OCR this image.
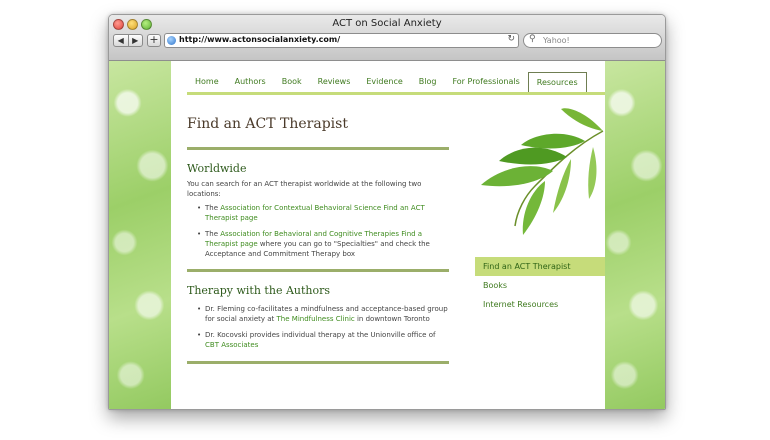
ACT on Social Anxiety
◀	▶	+	http://www.actonsocialanxiety.com/	↻ ⚲ Yahoo!
Home	Authors	Book	Reviews	Evidence	Blog	For Professionals	Resources
Find an ACT Therapist
Worldwide
You can search for an ACT therapist worldwide at the following two locations:
• The Association for Contextual Behavioral Science Find an ACT Therapist page
• The Association for Behavioral and Cognitive Therapies Find a Therapist page where you can go to "Specialties" and check the Acceptance and Commitment Therapy box
Therapy with the Authors
• Dr. Fleming co-facilitates a mindfulness and acceptance-based group for social anxiety at The Mindfulness Clinic in downtown Toronto
• Dr. Kocovski provides individual therapy at the Unionville office of CBT Associates
Find an ACT Therapist
Books
Internet Resources
